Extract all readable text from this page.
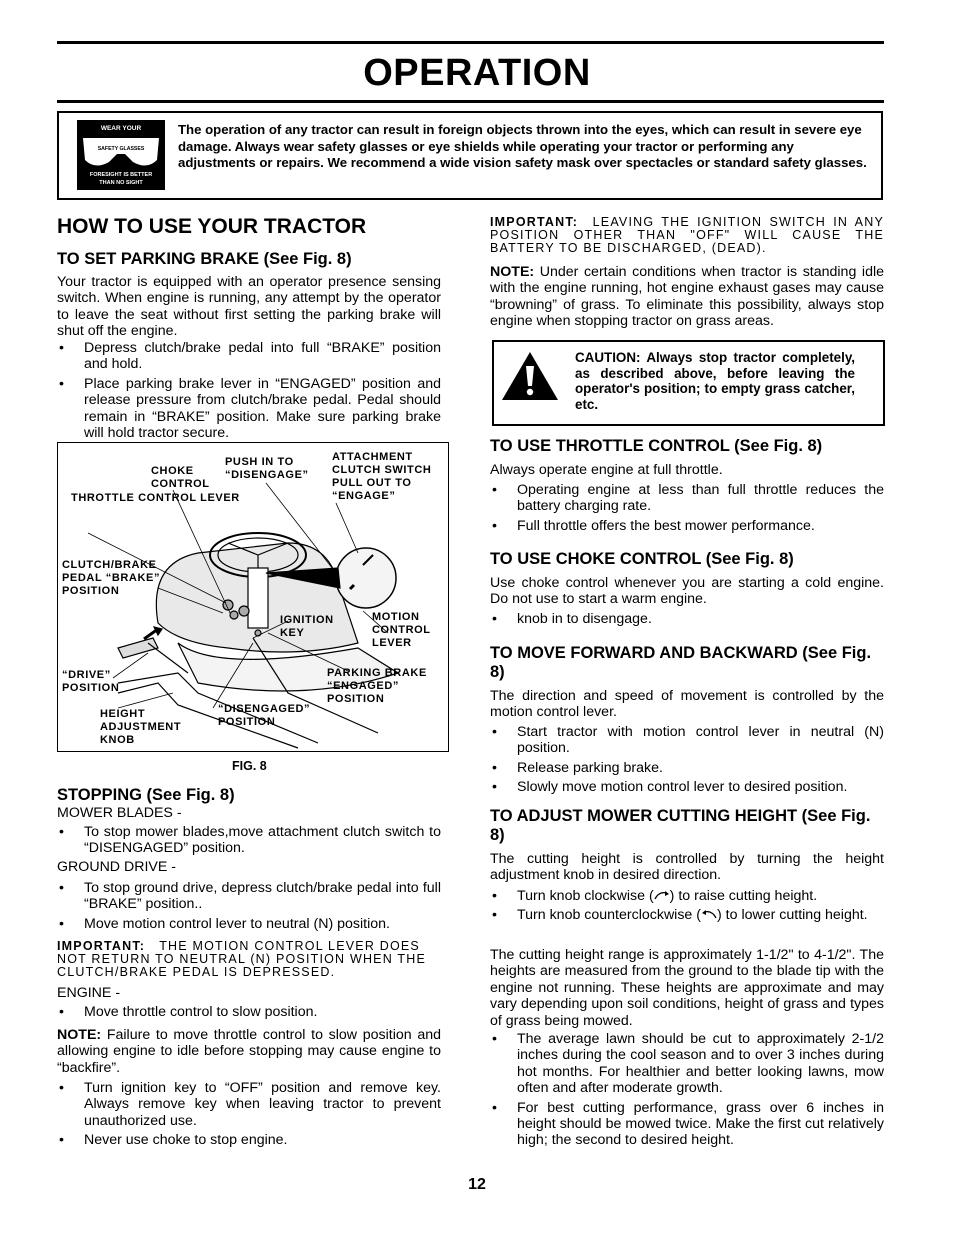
OPERATION
WEAR YOUR
SAFETY GLASSES
FORESIGHT IS BETTER
THAN NO SIGHT
The operation of any tractor can result in foreign objects thrown into the eyes, which can result in severe eye damage. Always wear safety glasses or eye shields while operating your tractor or performing any adjustments or repairs. We recommend a wide vision safety mask over spectacles or standard safety glasses.
HOW TO USE YOUR TRACTOR
TO SET PARKING BRAKE (See Fig. 8)

Your tractor is equipped with an operator presence sensing switch. When engine is running, any attempt by the operator to leave the seat without first setting the parking brake will shut off the engine.

• Depress clutch/brake pedal into full “BRAKE” position and hold.
• Place parking brake lever in “ENGAGED” position and release pressure from clutch/brake pedal. Pedal should remain in “BRAKE” position. Make sure parking brake will hold tractor secure.
THROTTLE CONTROL LEVER
CHOKE CONTROL
PUSH IN TO “DISENGAGE”
ATTACHMENT CLUTCH SWITCH PULL OUT TO “ENGAGE”
CLUTCH/BRAKE PEDAL “BRAKE” POSITION
IGNITION KEY
MOTION CONTROL LEVER
“DRIVE” POSITION
PARKING BRAKE “ENGAGED” POSITION
“DISENGAGED” POSITION
HEIGHT ADJUSTMENT KNOB
FIG. 8
STOPPING (See Fig. 8)
MOWER BLADES -
• To stop mower blades,move attachment clutch switch to “DISENGAGED” position.
GROUND DRIVE -
• To stop ground drive, depress clutch/brake pedal into full “BRAKE” position..
• Move motion control lever to neutral (N) position.

IMPORTANT: THE MOTION CONTROL LEVER DOES NOT RETURN TO NEUTRAL (N) POSITION WHEN THE CLUTCH/BRAKE PEDAL IS DEPRESSED.

ENGINE -
• Move throttle control to slow position.

NOTE: Failure to move throttle control to slow position and allowing engine to idle before stopping may cause engine to “backfire”.

• Turn ignition key to “OFF” position and remove key. Always remove key when leaving tractor to prevent unauthorized use.
• Never use choke to stop engine.

IMPORTANT: LEAVING THE IGNITION SWITCH IN ANY POSITION OTHER THAN "OFF" WILL CAUSE THE BATTERY TO BE DISCHARGED, (DEAD).

NOTE: Under certain conditions when tractor is standing idle with the engine running, hot engine exhaust gases may cause “browning” of grass. To eliminate this possibility, always stop engine when stopping tractor on grass areas.

CAUTION: Always stop tractor completely, as described above, before leaving the operator's position; to empty grass catcher, etc.
TO USE THROTTLE CONTROL (See Fig. 8)

Always operate engine at full throttle.

• Operating engine at less than full throttle reduces the battery charging rate.
• Full throttle offers the best mower performance.
TO USE CHOKE CONTROL (See Fig. 8)

Use choke control whenever you are starting a cold engine. Do not use to start a warm engine.

• knob in to disengage.
TO MOVE FORWARD AND BACKWARD (See Fig. 8)

The direction and speed of movement is controlled by the motion control lever.

• Start tractor with motion control lever in neutral (N) position.
• Release parking brake.
• Slowly move motion control lever to desired position.
TO ADJUST MOWER CUTTING HEIGHT (See Fig. 8)

The cutting height is controlled by turning the height adjustment knob in desired direction.

• Turn knob clockwise ( ) to raise cutting height.
• Turn knob counterclockwise ( ) to lower cutting height.

The cutting height range is approximately 1-1/2" to 4-1/2". The heights are measured from the ground to the blade tip with the engine not running. These heights are approximate and may vary depending upon soil conditions, height of grass and types of grass being mowed.

• The average lawn should be cut to approximately 2-1/2 inches during the cool season and to over 3 inches during hot months. For healthier and better looking lawns, mow often and after moderate growth.
• For best cutting performance, grass over 6 inches in height should be mowed twice. Make the first cut relatively high; the second to desired height.
12
